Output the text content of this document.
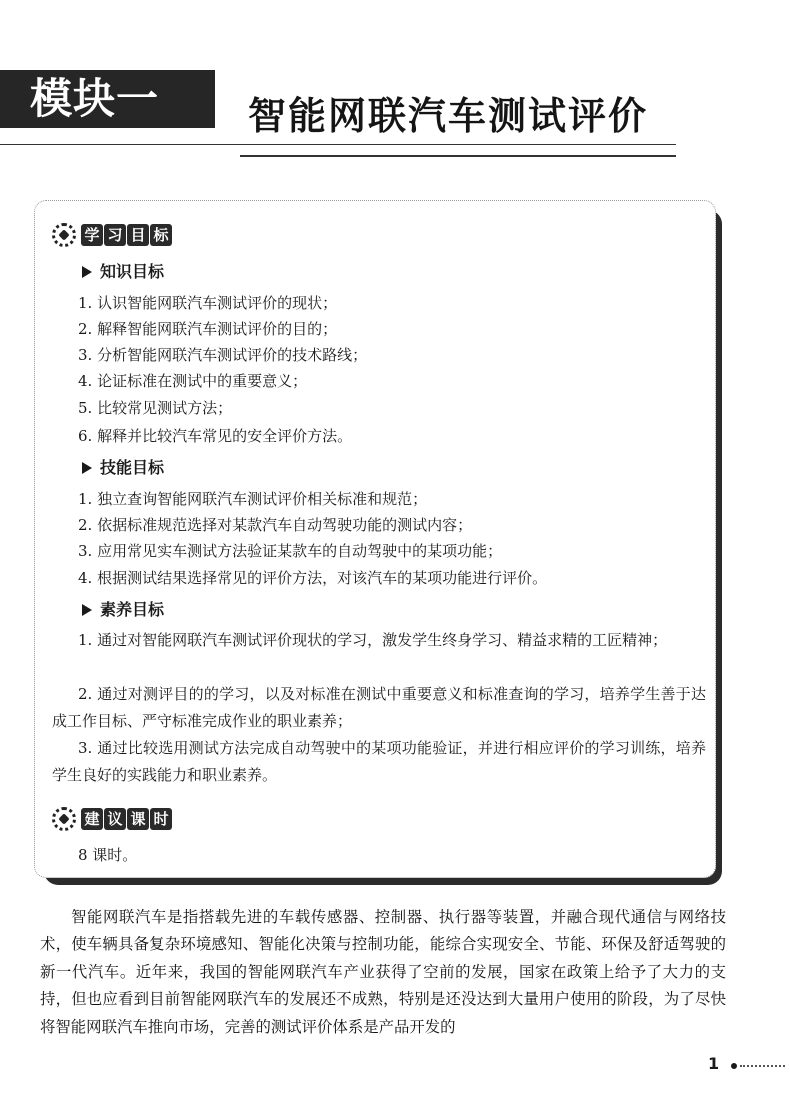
模块一 智能网联汽车测试评价
学 习 目 标
知识目标
1. 认识智能网联汽车测试评价的现状；
2. 解释智能网联汽车测试评价的目的；
3. 分析智能网联汽车测试评价的技术路线；
4. 论证标准在测试中的重要意义；
5. 比较常见测试方法；
6. 解释并比较汽车常见的安全评价方法。
技能目标
1. 独立查询智能网联汽车测试评价相关标准和规范；
2. 依据标准规范选择对某款汽车自动驾驶功能的测试内容；
3. 应用常见实车测试方法验证某款车的自动驾驶中的某项功能；
4. 根据测试结果选择常见的评价方法，对该汽车的某项功能进行评价。
素养目标
1. 通过对智能网联汽车测试评价现状的学习，激发学生终身学习、精益求精的工匠精神；
2. 通过对测评目的的学习，以及对标准在测试中重要意义和标准查询的学习，培养学生善于达成工作目标、严守标准完成作业的职业素养；
3. 通过比较选用测试方法完成自动驾驶中的某项功能验证，并进行相应评价的学习训练，培养学生良好的实践能力和职业素养。
建 议 课 时
8 课时。
智能网联汽车是指搭载先进的车载传感器、控制器、执行器等装置，并融合现代通信与网络技术，使车辆具备复杂环境感知、智能化决策与控制功能，能综合实现安全、节能、环保及舒适驾驶的新一代汽车。近年来，我国的智能网联汽车产业获得了空前的发展，国家在政策上给予了大力的支持，但也应看到目前智能网联汽车的发展还不成熟，特别是还没达到大量用户使用的阶段，为了尽快将智能网联汽车推向市场，完善的测试评价体系是产品开发的
1
